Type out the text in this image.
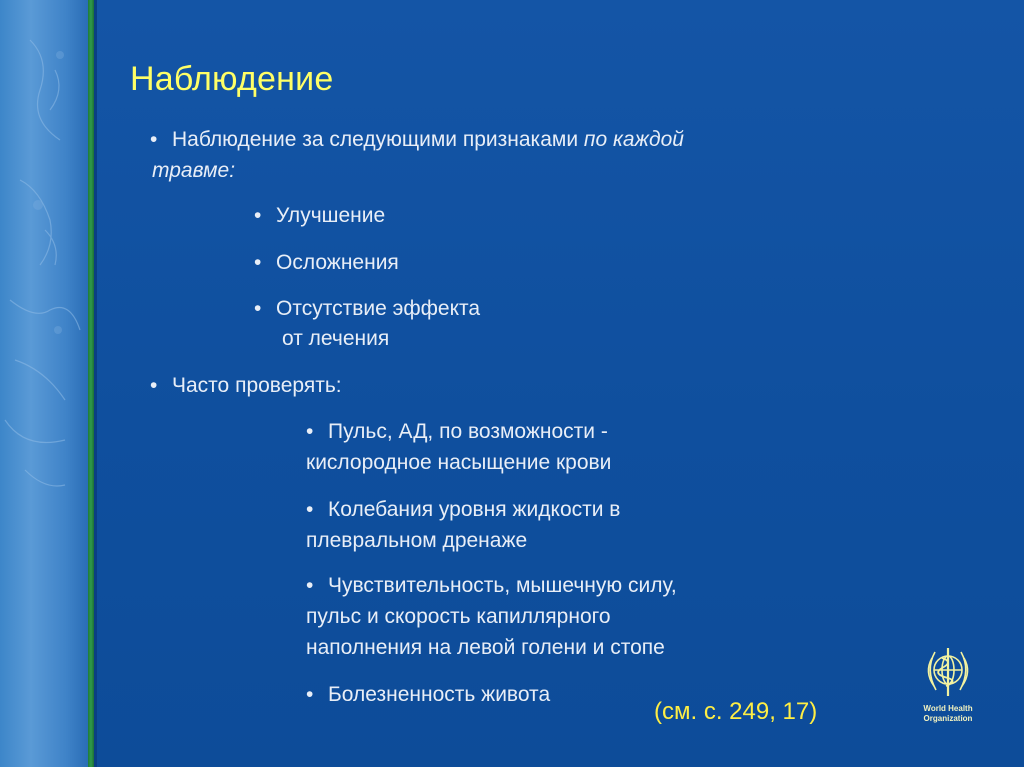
Наблюдение
• Наблюдение за следующими признаками по каждой
травме:
• Улучшение
• Осложнения
• Отсутствие эффекта
от лечения
• Часто проверять:
• Пульс, АД, по возможности -
кислородное насыщение крови
• Колебания уровня жидкости в
плевральном дренаже
• Чувствительность, мышечную силу,
пульс и скорость капиллярного
наполнения на левой голени и стопе
• Болезненность живота
(см. с. 249, 17)	World Health
Organization
